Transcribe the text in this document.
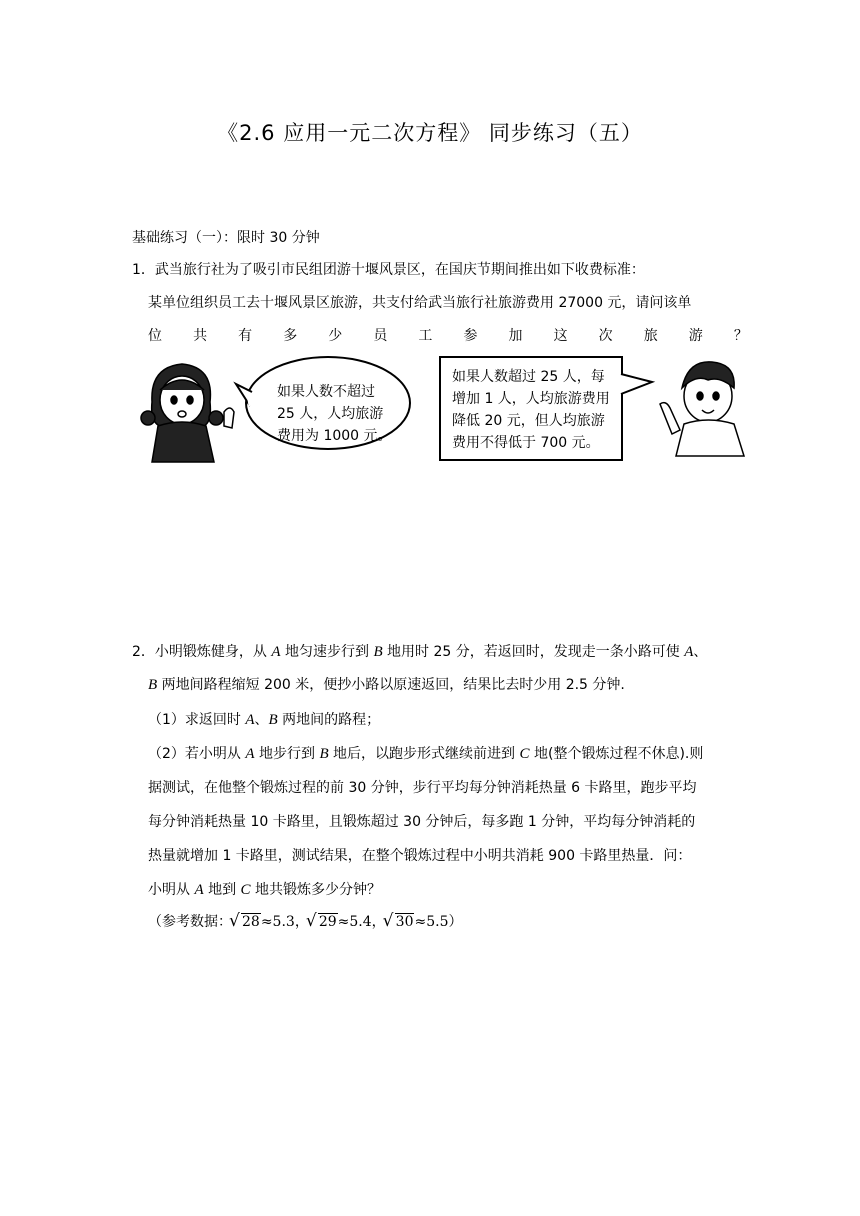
《2.6 应用一元二次方程》 同步练习（五）
基础练习（一）：限时 30 分钟
1．武当旅行社为了吸引市民组团游十堰风景区，在国庆节期间推出如下收费标准：
某单位组织员工去十堰风景区旅游，共支付给武当旅行社旅游费用 27000 元，请问该单
位 共 有 多 少 员 工 参 加 这 次 旅 游 ？
如果人数不超过
25 人，人均旅游
费用为 1000 元。
如果人数超过 25 人，每
增加 1 人，人均旅游费用
降低 20 元，但人均旅游
费用不得低于 700 元。
2．小明锻炼健身，从 A 地匀速步行到 B 地用时 25 分，若返回时，发现走一条小路可使 A、
B 两地间路程缩短 200 米，便抄小路以原速返回，结果比去时少用 2.5 分钟.
（1）求返回时 A、B 两地间的路程；
（2）若小明从 A 地步行到 B 地后，以跑步形式继续前进到 C 地(整个锻炼过程不休息).则
据测试，在他整个锻炼过程的前 30 分钟，步行平均每分钟消耗热量 6 卡路里，跑步平均
每分钟消耗热量 10 卡路里，且锻炼超过 30 分钟后，每多跑 1 分钟，平均每分钟消耗的
热量就增加 1 卡路里，测试结果，在整个锻炼过程中小明共消耗 900 卡路里热量．问：
小明从 A 地到 C 地共锻炼多少分钟？
（参考数据： √ 28≈5.3， √ 29≈5.4， √ 30≈5.5）
